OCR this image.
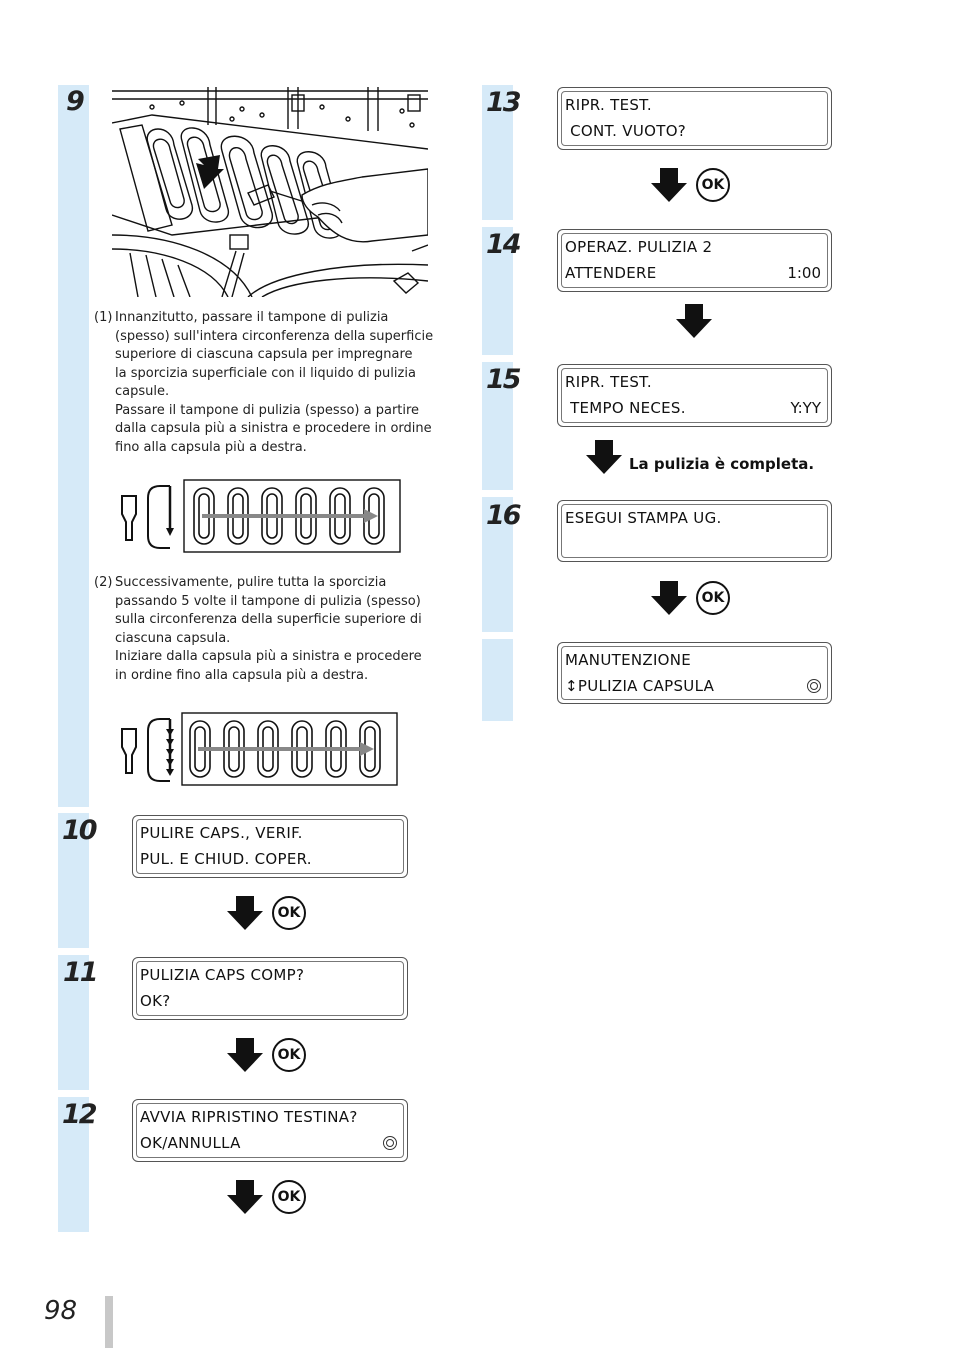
9
10
11
12
13
14
15
16
(1) Innanzitutto, passare il tampone di pulizia
(spesso) sull'intera circonferenza della superficie
superiore di ciascuna capsula per impregnare
la sporcizia superficiale con il liquido di pulizia
capsule.
Passare il tampone di pulizia (spesso) a partire
dalla capsula più a sinistra e procedere in ordine
fino alla capsula più a destra.
(2) Successivamente, pulire tutta la sporcizia
passando 5 volte il tampone di pulizia (spesso)
sulla circonferenza della superficie superiore di
ciascuna capsula.
Iniziare dalla capsula più a sinistra e procedere
in ordine fino alla capsula più a destra.
PULIRE CAPS., VERIF.
PUL. E CHIUD. COPER.
OK
PULIZIA CAPS COMP?
OK?
OK
AVVIA RIPRISTINO TESTINA?
OK/ANNULLA
OK
RIPR. TEST.
CONT. VUOTO?
OK
OPERAZ. PULIZIA 2
ATTENDERE	1:00
RIPR. TEST.
TEMPO NECES.	Y:YY
La pulizia è completa.
ESEGUI STAMPA UG.
OK
MANUTENZIONE
↕PULIZIA CAPSULA
98
